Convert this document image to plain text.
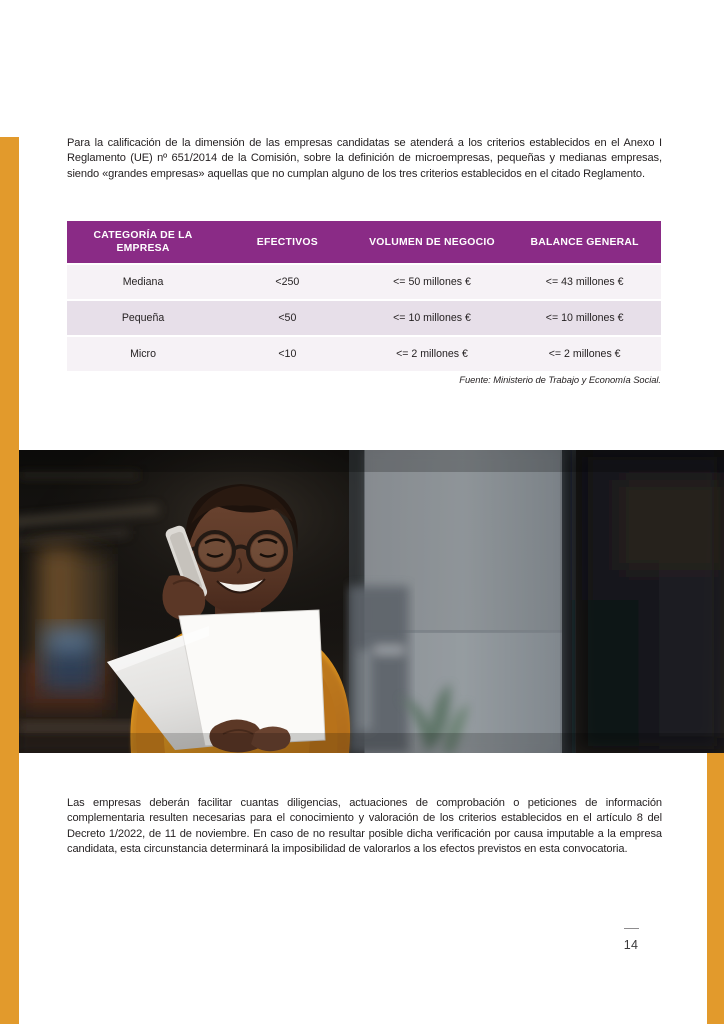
Para la calificación de la dimensión de las empresas candidatas se atenderá a los criterios establecidos en el Anexo I Reglamento (UE) nº 651/2014 de la Comisión, sobre la definición de microempresas, pequeñas y medianas empresas, siendo «grandes empresas» aquellas que no cumplan alguno de los tres criterios establecidos en el citado Reglamento.

CATEGORÍA DE LA EMPRESA	EFECTIVOS	VOLUMEN DE NEGOCIO	BALANCE GENERAL
Mediana	<250	<= 50 millones €	<= 43 millones €
Pequeña	<50	<= 10 millones €	<= 10 millones €
Micro	<10	<= 2 millones €	<= 2 millones €
Fuente: Ministerio de Trabajo y Economía Social.

Las empresas deberán facilitar cuantas diligencias, actuaciones de comprobación o peticiones de información complementaria resulten necesarias para el conocimiento y valoración de los criterios establecidos en el artículo 8 del Decreto 1/2022, de 11 de noviembre. En caso de no resultar posible dicha verificación por causa imputable a la empresa candidata, esta circunstancia determinará la imposibilidad de valorarlos a los efectos previstos en esta convocatoria.

14
